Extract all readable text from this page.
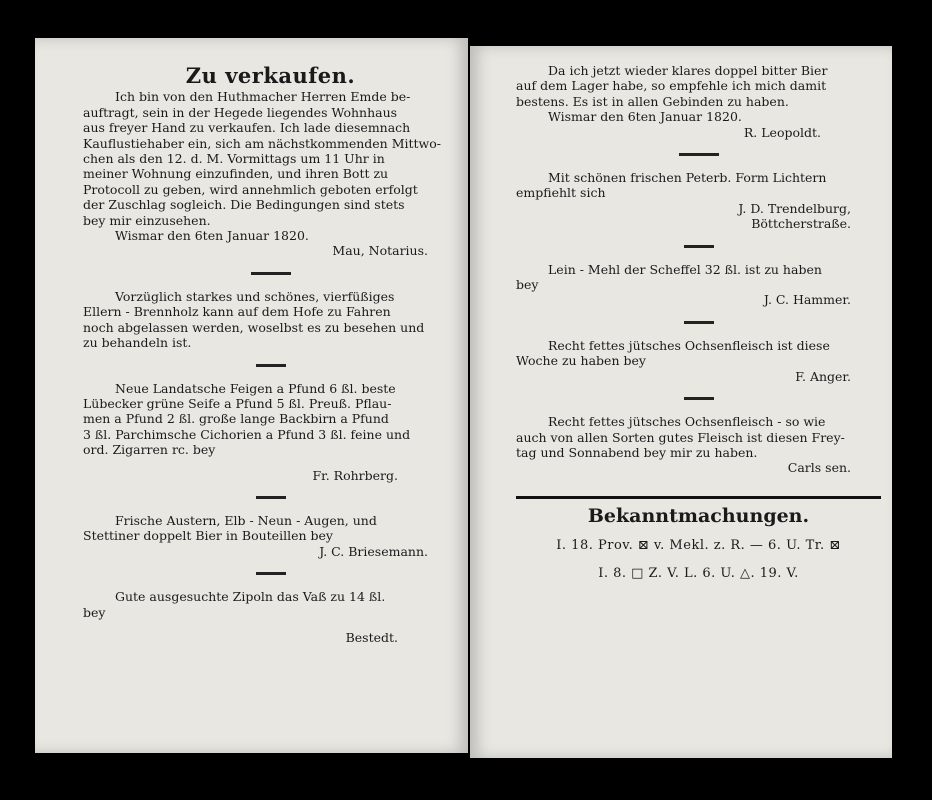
Zu verkaufen.

Ich bin von den Huthmacher Herren Emde be-

auftragt, sein in der Hegede liegendes Wohnhaus

aus freyer Hand zu verkaufen. Ich lade diesemnach

Kauflustiehaber ein, sich am nächstkommenden Mittwo-

chen als den 12. d. M. Vormittags um 11 Uhr in

meiner Wohnung einzufinden, und ihren Bott zu

Protocoll zu geben, wird annehmlich geboten erfolgt

der Zuschlag sogleich. Die Bedingungen sind stets

bey mir einzusehen.

Wismar den 6ten Januar 1820.

Mau, Notarius.

Vorzüglich starkes und schönes, vierfüßiges

Ellern - Brennholz kann auf dem Hofe zu Fahren

noch abgelassen werden, woselbst es zu besehen und

zu behandeln ist.

Neue Landatsche Feigen a Pfund 6 ßl. beste

Lübecker grüne Seife a Pfund 5 ßl. Preuß. Pflau-

men a Pfund 2 ßl. große lange Backbirn a Pfund

3 ßl. Parchimsche Cichorien a Pfund 3 ßl. feine und

ord. Zigarren rc. bey

Fr. Rohrberg.

Frische Austern, Elb - Neun - Augen, und

Stettiner doppelt Bier in Bouteillen bey

J. C. Briesemann.

Gute ausgesuchte Zipoln das Vaß zu 14 ßl.

bey

Bestedt.

Da ich jetzt wieder klares doppel bitter Bier

auf dem Lager habe, so empfehle ich mich damit

bestens. Es ist in allen Gebinden zu haben.

Wismar den 6ten Januar 1820.

R. Leopoldt.

Mit schönen frischen Peterb. Form Lichtern

empfiehlt sich

J. D. Trendelburg,

Böttcherstraße.

Lein - Mehl der Scheffel 32 ßl. ist zu haben

bey

J. C. Hammer.

Recht fettes jütsches Ochsenfleisch ist diese

Woche zu haben bey

F. Anger.

Recht fettes jütsches Ochsenfleisch - so wie

auch von allen Sorten gutes Fleisch ist diesen Frey-

tag und Sonnabend bey mir zu haben.

Carls sen.

Bekanntmachungen.
I. 18. Prov. ⊠ v. Mekl. z. R. — 6. U. Tr. ⊠
I. 8. □ Z. V. L. 6. U. △. 19. V.
